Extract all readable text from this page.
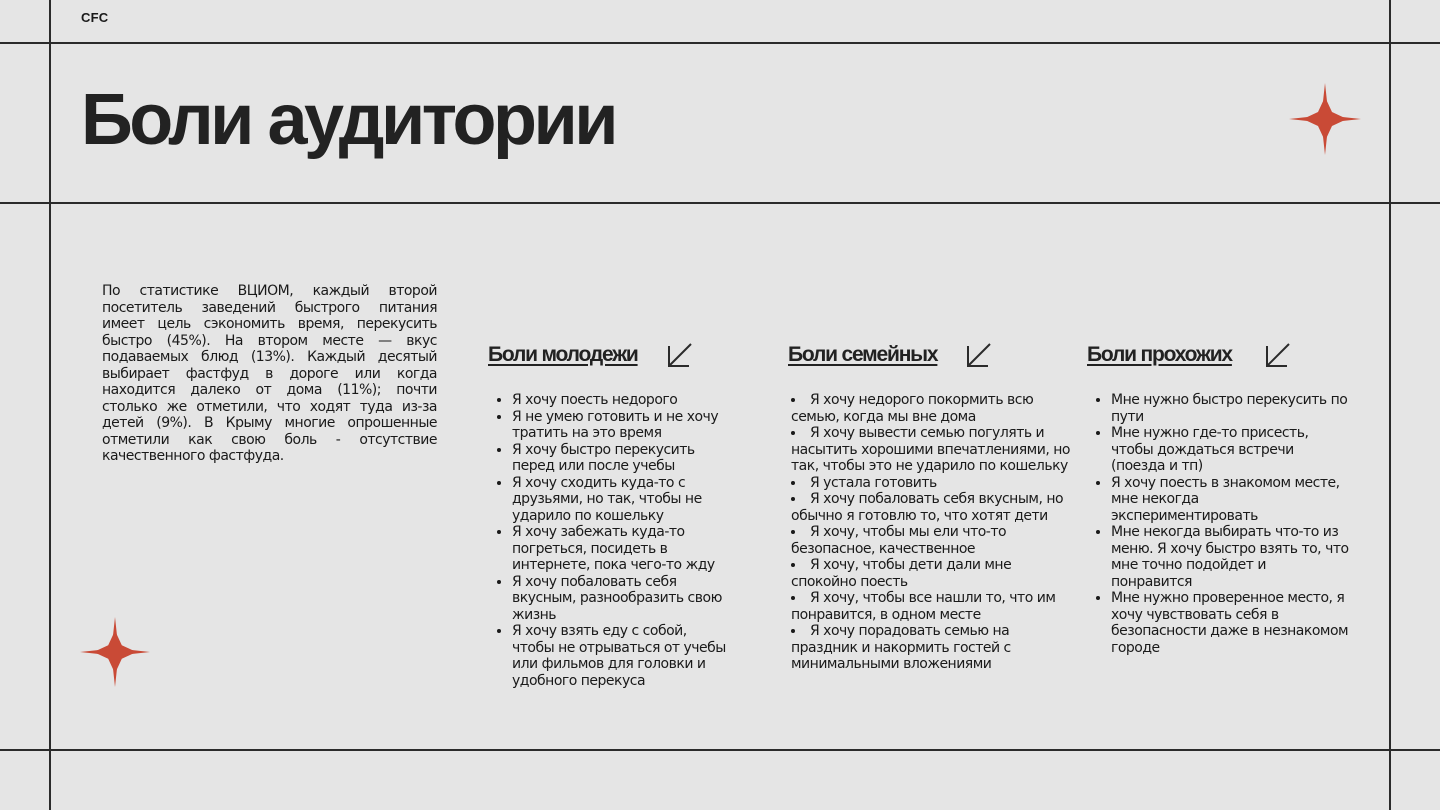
CFC
Боли аудитории

По статистике ВЦИОМ, каждый второй посетитель заведений быстрого питания имеет цель сэкономить время, перекусить быстро (45%). На втором месте — вкус подаваемых блюд (13%). Каждый десятый выбирает фастфуд в дороге или когда находится далеко от дома (11%); почти столько же отметили, что ходят туда из-за детей (9%). В Крыму многие опрошенные отметили как свою боль - отсутствие качественного фастфуда.

Боли молодежи
• Я хочу поесть недорого
• Я не умею готовить и не хочу тратить на это время
• Я хочу быстро перекусить перед или после учебы
• Я хочу сходить куда-то с друзьями, но так, чтобы не ударило по кошельку
• Я хочу забежать куда-то погреться, посидеть в интернете, пока чего-то жду
• Я хочу побаловать себя вкусным, разнообразить свою жизнь
• Я хочу взять еду с собой, чтобы не отрываться от учебы или фильмов для головки и удобного перекуса
Боли семейных
• Я хочу недорого покормить всю семью, когда мы вне дома
• Я хочу вывести семью погулять и насытить хорошими впечатлениями, но так, чтобы это не ударило по кошельку
• Я устала готовить
• Я хочу побаловать себя вкусным, но обычно я готовлю то, что хотят дети
• Я хочу, чтобы мы ели что-то безопасное, качественное
• Я хочу, чтобы дети дали мне спокойно поесть
• Я хочу, чтобы все нашли то, что им понравится, в одном месте
• Я хочу порадовать семью на праздник и накормить гостей с минимальными вложениями
Боли прохожих
• Мне нужно быстро перекусить по пути
• Мне нужно где-то присесть, чтобы дождаться встречи (поезда и тп)
• Я хочу поесть в знакомом месте, мне некогда экспериментировать
• Мне некогда выбирать что-то из меню. Я хочу быстро взять то, что мне точно подойдет и понравится
• Мне нужно проверенное место, я хочу чувствовать себя в безопасности даже в незнакомом городе
